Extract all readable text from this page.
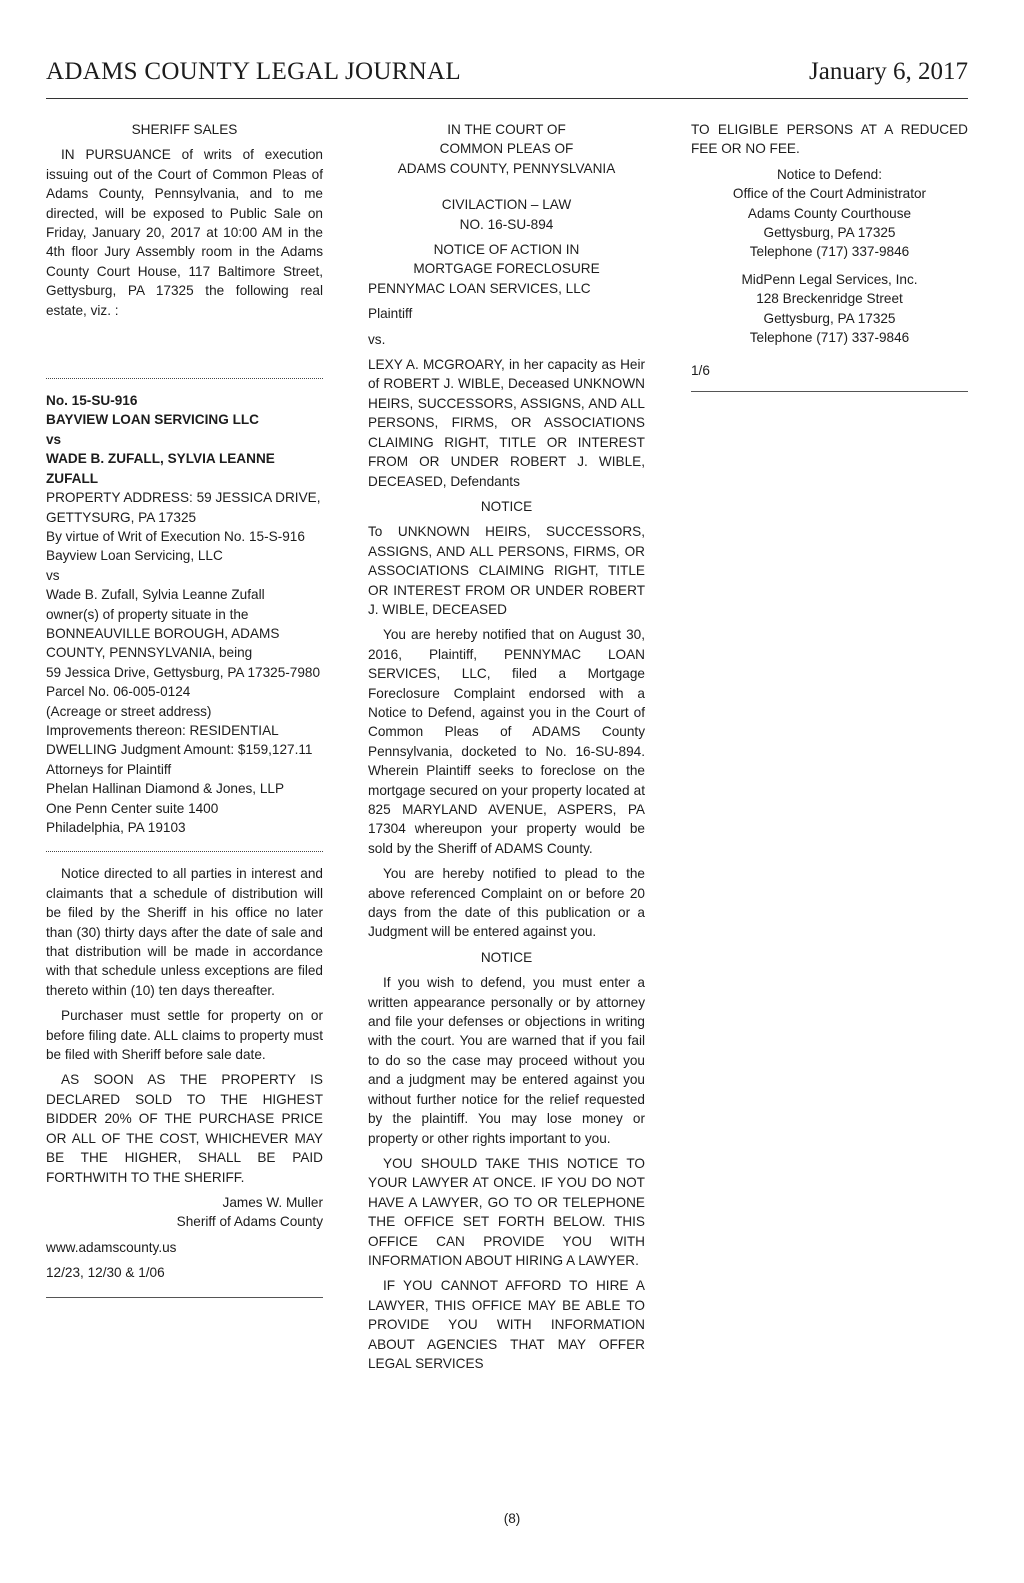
ADAMS COUNTY LEGAL JOURNAL	January 6, 2017

SHERIFF SALES

IN PURSUANCE of writs of execution issuing out of the Court of Common Pleas of Adams County, Pennsylvania, and to me directed, will be exposed to Public Sale on Friday, January 20, 2017 at 10:00 AM in the 4th floor Jury Assembly room in the Adams County Court House, 117 Baltimore Street, Gettysburg, PA 17325 the following real estate, viz. :

No. 15-SU-916
BAYVIEW LOAN SERVICING LLC
vs
WADE B. ZUFALL, SYLVIA LEANNE ZUFALL
PROPERTY ADDRESS: 59 JESSICA DRIVE, GETTYSURG, PA 17325
By virtue of Writ of Execution No. 15-S-916
Bayview Loan Servicing, LLC
vs
Wade B. Zufall, Sylvia Leanne Zufall
owner(s) of property situate in the BONNEAUVILLE BOROUGH, ADAMS COUNTY, PENNSYLVANIA, being
59 Jessica Drive, Gettysburg, PA 17325-7980 Parcel No. 06-005-0124
(Acreage or street address)
Improvements thereon: RESIDENTIAL DWELLING Judgment Amount: $159,127.11
Attorneys for Plaintiff
Phelan Hallinan Diamond & Jones, LLP
One Penn Center suite 1400
Philadelphia, PA 19103

Notice directed to all parties in interest and claimants that a schedule of distribution will be filed by the Sheriff in his office no later than (30) thirty days after the date of sale and that distribution will be made in accordance with that schedule unless exceptions are filed thereto within (10) ten days thereafter.

Purchaser must settle for property on or before filing date. ALL claims to property must be filed with Sheriff before sale date.

AS SOON AS THE PROPERTY IS DECLARED SOLD TO THE HIGHEST BIDDER 20% OF THE PURCHASE PRICE OR ALL OF THE COST, WHICHEVER MAY BE THE HIGHER, SHALL BE PAID FORTHWITH TO THE SHERIFF.

James W. Muller
Sheriff of Adams County

www.adamscounty.us

12/23, 12/30 & 1/06

IN THE COURT OF
COMMON PLEAS OF
ADAMS COUNTY, PENNYSLVANIA
CIVILACTION – LAW
NO. 16-SU-894
NOTICE OF ACTION IN
MORTGAGE FORECLOSURE

PENNYMAC LOAN SERVICES, LLC

Plaintiff

vs.

LEXY A. MCGROARY, in her capacity as Heir of ROBERT J. WIBLE, Deceased UNKNOWN HEIRS, SUCCESSORS, ASSIGNS, AND ALL PERSONS, FIRMS, OR ASSOCIATIONS CLAIMING RIGHT, TITLE OR INTEREST FROM OR UNDER ROBERT J. WIBLE, DECEASED, Defendants

NOTICE

To UNKNOWN HEIRS, SUCCESSORS, ASSIGNS, AND ALL PERSONS, FIRMS, OR ASSOCIATIONS CLAIMING RIGHT, TITLE OR INTEREST FROM OR UNDER ROBERT J. WIBLE, DECEASED

You are hereby notified that on August 30, 2016, Plaintiff, PENNYMAC LOAN SERVICES, LLC, filed a Mortgage Foreclosure Complaint endorsed with a Notice to Defend, against you in the Court of Common Pleas of ADAMS County Pennsylvania, docketed to No. 16-SU-894. Wherein Plaintiff seeks to foreclose on the mortgage secured on your property located at 825 MARYLAND AVENUE, ASPERS, PA 17304 whereupon your property would be sold by the Sheriff of ADAMS County.

You are hereby notified to plead to the above referenced Complaint on or before 20 days from the date of this publication or a Judgment will be entered against you.

NOTICE

If you wish to defend, you must enter a written appearance personally or by attorney and file your defenses or objections in writing with the court. You are warned that if you fail to do so the case may proceed without you and a judgment may be entered against you without further notice for the relief requested by the plaintiff. You may lose money or property or other rights important to you.

YOU SHOULD TAKE THIS NOTICE TO YOUR LAWYER AT ONCE. IF YOU DO NOT HAVE A LAWYER, GO TO OR TELEPHONE THE OFFICE SET FORTH BELOW. THIS OFFICE CAN PROVIDE YOU WITH INFORMATION ABOUT HIRING A LAWYER.

IF YOU CANNOT AFFORD TO HIRE A LAWYER, THIS OFFICE MAY BE ABLE TO PROVIDE YOU WITH INFORMATION ABOUT AGENCIES THAT MAY OFFER LEGAL SERVICES

TO ELIGIBLE PERSONS AT A REDUCED FEE OR NO FEE.

Notice to Defend:
Office of the Court Administrator
Adams County Courthouse
Gettysburg, PA 17325
Telephone (717) 337-9846
MidPenn Legal Services, Inc.
128 Breckenridge Street
Gettysburg, PA 17325
Telephone (717) 337-9846

1/6

(8)
